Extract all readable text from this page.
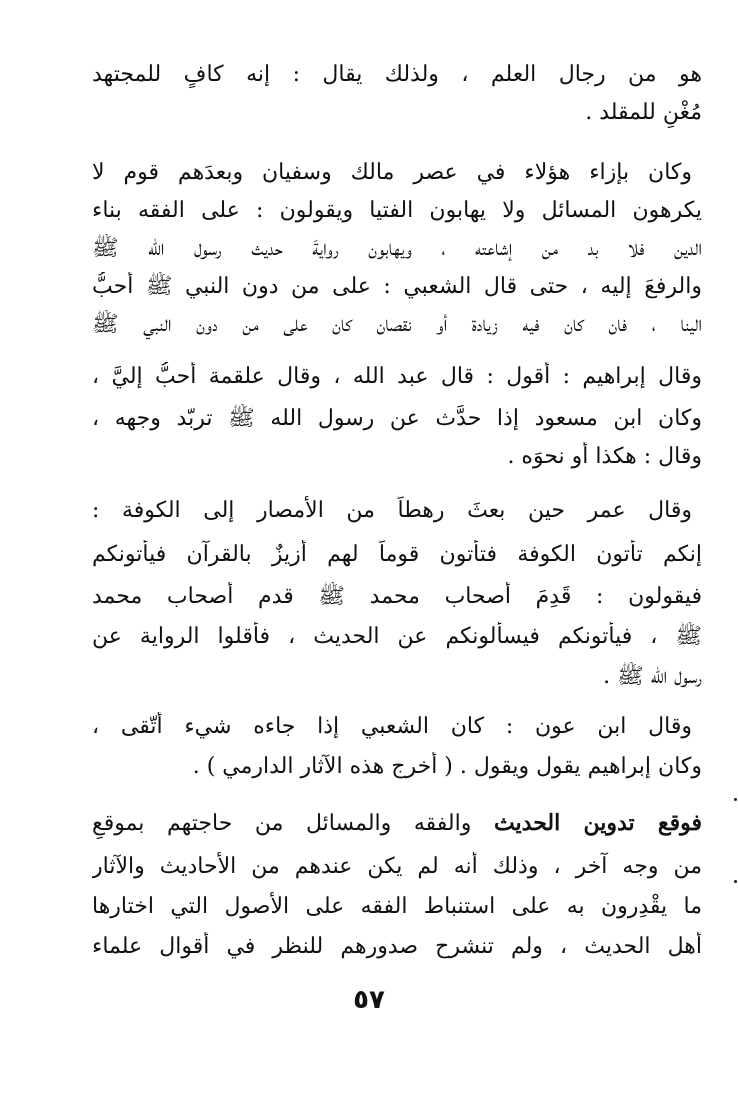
هو من رجال العلم ، ولذلك يقال : إنه كافٍ للمجتهد
مُغْنٍ للمقلد .
وكان بإزاء هؤلاء في عصر مالك وسفيان وبعدَهم قوم لا
يكرهون المسائل ولا يهابون الفتيا ويقولون : على الفقه بناء
الدين فلا بد من إشاعته ، ويهابون روايةَ حديث رسول الله ﷺ
والرفعَ إليه ، حتى قال الشعبي : على من دون النبي ﷺ أحبُّ
الينا ، فان كان فيه زيادة أو نقصان كان على من دون النبي ﷺ
وقال إبراهيم : أقول : قال عبد الله ، وقال علقمة أحبُّ إليَّ ،
وكان ابن مسعود إذا حدَّث عن رسول الله ﷺ تربّد وجهه ،
وقال : هكذا أو نحوَه .
وقال عمر حين بعثَ رهطاً من الأمصار إلى الكوفة :
إنكم تأتون الكوفة فتأتون قوماً لهم أزيزٌ بالقرآن فيأتونكم
فيقولون : قَدِمَ أصحاب محمد ﷺ قدم أصحاب محمد
ﷺ ، فيأتونكم فيسألونكم عن الحديث ، فأقلوا الرواية عن
رسول الله ﷺ .
وقال ابن عون : كان الشعبي إذا جاءه شيء أتّقى ،
وكان إبراهيم يقول ويقول . ( أخرج هذه الآثار الدارمي ) .
فوقع تدوين الحديث والفقه والمسائل من حاجتهم بموقعٍ
من وجه آخر ، وذلك أنه لم يكن عندهم من الأحاديث والآثار
ما يقْدِرون به على استنباط الفقه على الأصول التي اختارها
أهل الحديث ، ولم تنشرح صدورهم للنظر في أقوال علماء
٥٧
